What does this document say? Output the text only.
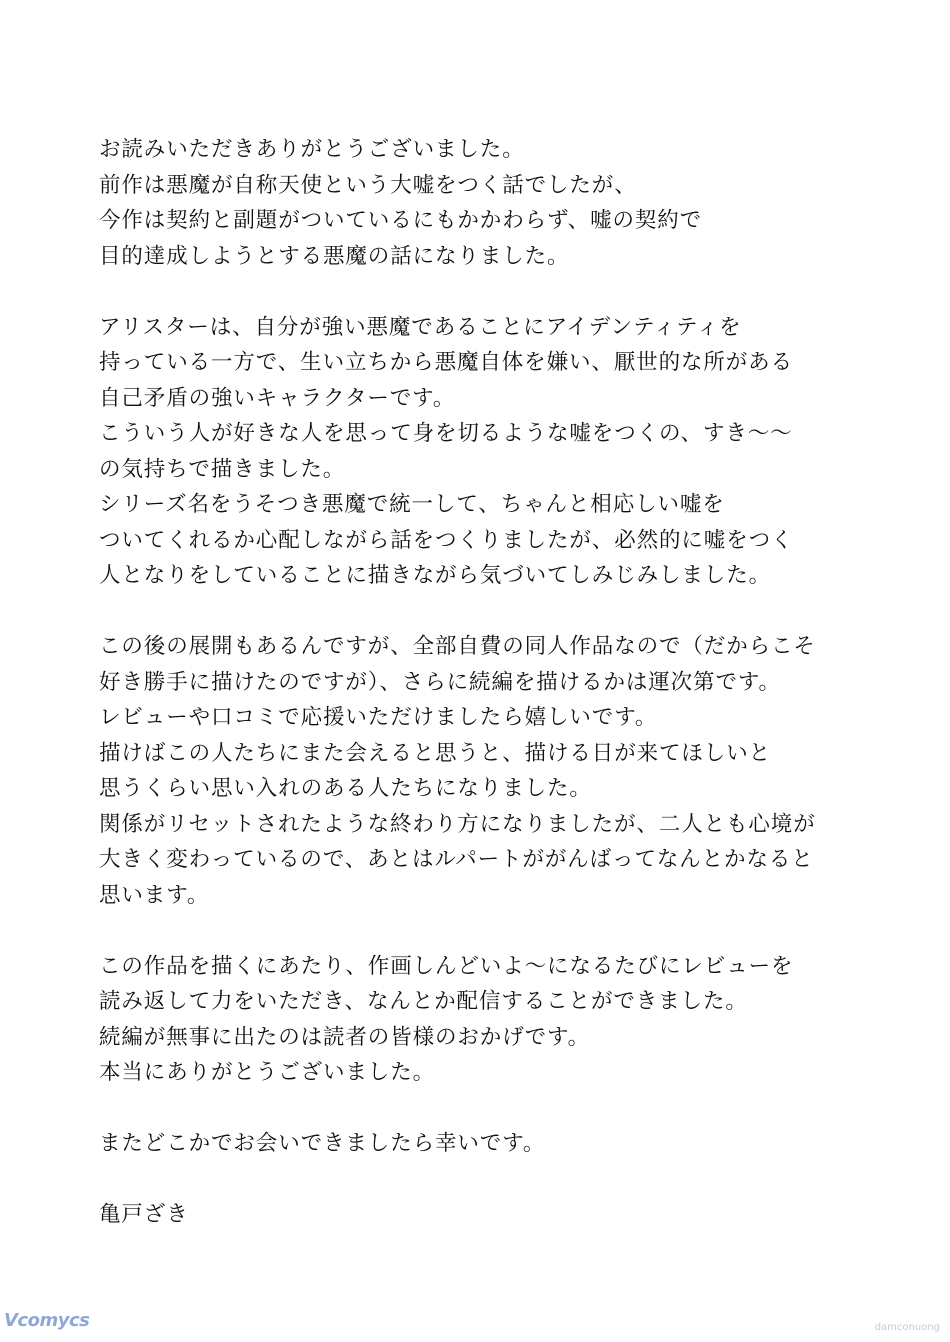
お読みいただきありがとうございました。
前作は悪魔が自称天使という大嘘をつく話でしたが、
今作は契約と副題がついているにもかかわらず、嘘の契約で
目的達成しようとする悪魔の話になりました。
アリスターは、自分が強い悪魔であることにアイデンティティを
持っている一方で、生い立ちから悪魔自体を嫌い、厭世的な所がある
自己矛盾の強いキャラクターです。
こういう人が好きな人を思って身を切るような嘘をつくの、すき～～
の気持ちで描きました。
シリーズ名をうそつき悪魔で統一して、ちゃんと相応しい嘘を
ついてくれるか心配しながら話をつくりましたが、必然的に嘘をつく
人となりをしていることに描きながら気づいてしみじみしました。
この後の展開もあるんですが、全部自費の同人作品なので（だからこそ
好き勝手に描けたのですが）、さらに続編を描けるかは運次第です。
レビューや口コミで応援いただけましたら嬉しいです。
描けばこの人たちにまた会えると思うと、描ける日が来てほしいと
思うくらい思い入れのある人たちになりました。
関係がリセットされたような終わり方になりましたが、二人とも心境が
大きく変わっているので、あとはルパートががんばってなんとかなると
思います。
この作品を描くにあたり、作画しんどいよ～になるたびにレビューを
読み返して力をいただき、なんとか配信することができました。
続編が無事に出たのは読者の皆様のおかげです。
本当にありがとうございました。
またどこかでお会いできましたら幸いです。
亀戸ざき
Vcomycs	damconuong
